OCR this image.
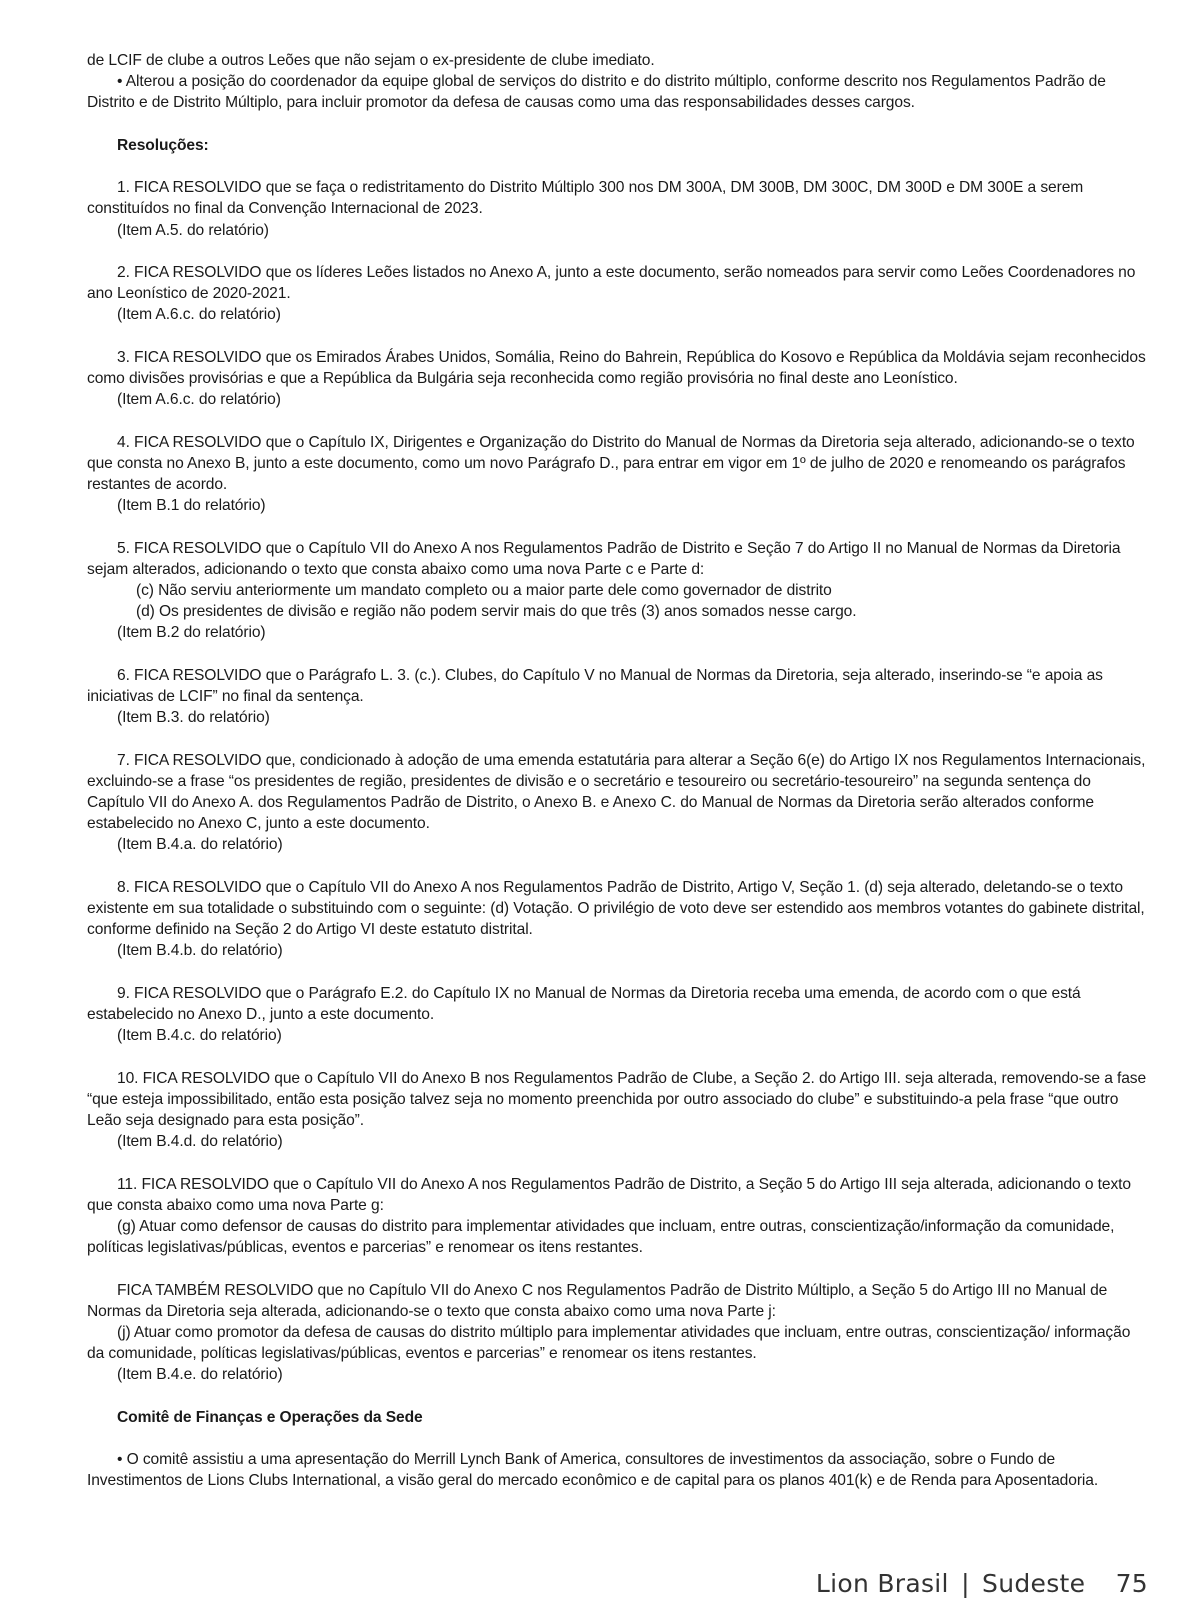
de LCIF de clube a outros Leões que não sejam o ex-presidente de clube imediato.

• Alterou a posição do coordenador da equipe global de serviços do distrito e do distrito múltiplo, conforme descrito nos Regulamentos Padrão de Distrito e de Distrito Múltiplo, para incluir promotor da defesa de causas como uma das responsabilidades desses cargos.

Resoluções:

1. FICA RESOLVIDO que se faça o redistritamento do Distrito Múltiplo 300 nos DM 300A, DM 300B, DM 300C, DM 300D e DM 300E a serem constituídos no final da Convenção Internacional de 2023.

(Item A.5. do relatório)

2. FICA RESOLVIDO que os líderes Leões listados no Anexo A, junto a este documento, serão nomeados para servir como Leões Coordenadores no ano Leonístico de 2020-2021.

(Item A.6.c. do relatório)

3. FICA RESOLVIDO que os Emirados Árabes Unidos, Somália, Reino do Bahrein, República do Kosovo e República da Moldávia sejam reconhecidos como divisões provisórias e que a República da Bulgária seja reconhecida como região provisória no final deste ano Leonístico.

(Item A.6.c. do relatório)

4. FICA RESOLVIDO que o Capítulo IX, Dirigentes e Organização do Distrito do Manual de Normas da Diretoria seja alterado, adicionando-se o texto que consta no Anexo B, junto a este documento, como um novo Parágrafo D., para entrar em vigor em 1º de julho de 2020 e renomeando os parágrafos restantes de acordo.

(Item B.1 do relatório)

5. FICA RESOLVIDO que o Capítulo VII do Anexo A nos Regulamentos Padrão de Distrito e Seção 7 do Artigo II no Manual de Normas da Diretoria sejam alterados, adicionando o texto que consta abaixo como uma nova Parte c e Parte d:

(c) Não serviu anteriormente um mandato completo ou a maior parte dele como governador de distrito

(d) Os presidentes de divisão e região não podem servir mais do que três (3) anos somados nesse cargo.

(Item B.2 do relatório)

6. FICA RESOLVIDO que o Parágrafo L. 3. (c.). Clubes, do Capítulo V no Manual de Normas da Diretoria, seja alterado, inserindo-se “e apoia as iniciativas de LCIF” no final da sentença.

(Item B.3. do relatório)

7. FICA RESOLVIDO que, condicionado à adoção de uma emenda estatutária para alterar a Seção 6(e) do Artigo IX nos Regulamentos Internacionais, excluindo-se a frase “os presidentes de região, presidentes de divisão e o secretário e tesoureiro ou secretário-tesoureiro” na segunda sentença do Capítulo VII do Anexo A. dos Regulamentos Padrão de Distrito, o Anexo B. e Anexo C. do Manual de Normas da Diretoria serão alterados conforme estabelecido no Anexo C, junto a este documento.

(Item B.4.a. do relatório)

8. FICA RESOLVIDO que o Capítulo VII do Anexo A nos Regulamentos Padrão de Distrito, Artigo V, Seção 1. (d) seja alterado, deletando-se o texto existente em sua totalidade o substituindo com o seguinte: (d) Votação. O privilégio de voto deve ser estendido aos membros votantes do gabinete distrital, conforme definido na Seção 2 do Artigo VI deste estatuto distrital.

(Item B.4.b. do relatório)

9. FICA RESOLVIDO que o Parágrafo E.2. do Capítulo IX no Manual de Normas da Diretoria receba uma emenda, de acordo com o que está estabelecido no Anexo D., junto a este documento.

(Item B.4.c. do relatório)

10. FICA RESOLVIDO que o Capítulo VII do Anexo B nos Regulamentos Padrão de Clube, a Seção 2. do Artigo III. seja alterada, removendo-se a fase “que esteja impossibilitado, então esta posição talvez seja no momento preenchida por outro associado do clube” e substituindo-a pela frase “que outro Leão seja designado para esta posição”.

(Item B.4.d. do relatório)

11. FICA RESOLVIDO que o Capítulo VII do Anexo A nos Regulamentos Padrão de Distrito, a Seção 5 do Artigo III seja alterada, adicionando o texto que consta abaixo como uma nova Parte g:

(g) Atuar como defensor de causas do distrito para implementar atividades que incluam, entre outras, conscientização/informação da comunidade, políticas legislativas/públicas, eventos e parcerias” e renomear os itens restantes.

FICA TAMBÉM RESOLVIDO que no Capítulo VII do Anexo C nos Regulamentos Padrão de Distrito Múltiplo, a Seção 5 do Artigo III no Manual de Normas da Diretoria seja alterada, adicionando-se o texto que consta abaixo como uma nova Parte j:

(j) Atuar como promotor da defesa de causas do distrito múltiplo para implementar atividades que incluam, entre outras, conscientização/ informação da comunidade, políticas legislativas/públicas, eventos e parcerias” e renomear os itens restantes.

(Item B.4.e. do relatório)

Comitê de Finanças e Operações da Sede

• O comitê assistiu a uma apresentação do Merrill Lynch Bank of America, consultores de investimentos da associação, sobre o Fundo de Investimentos de Lions Clubs International, a visão geral do mercado econômico e de capital para os planos 401(k) e de Renda para Aposentadoria.

Lion Brasil | Sudeste 75
